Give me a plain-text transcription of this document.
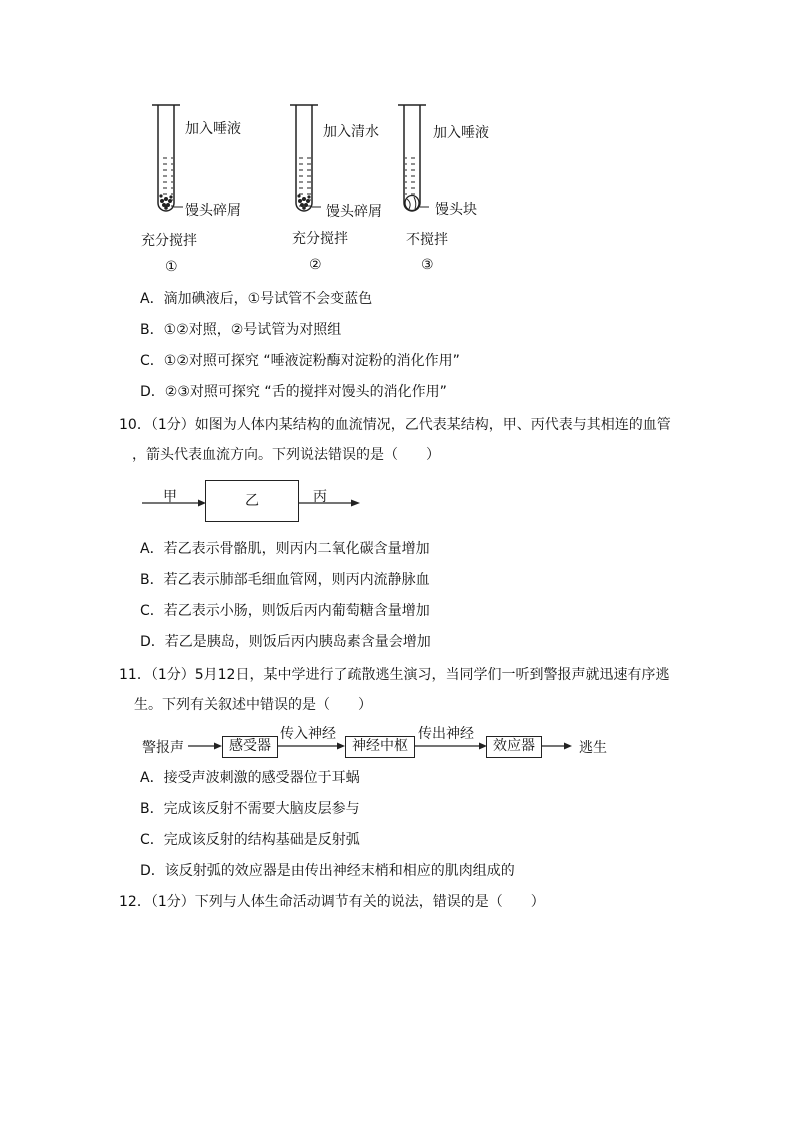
加入唾液
馒头碎屑
充分搅拌
①
加入清水
馒头碎屑
充分搅拌
②
加入唾液
馒头块
不搅拌
③
A．滴加碘液后，①号试管不会变蓝色
B．①②对照，②号试管为对照组
C．①②对照可探究 “唾液淀粉酶对淀粉的消化作用”
D．②③对照可探究 “舌的搅拌对馒头的消化作用”
10．（1分）如图为人体内某结构的血流情况，乙代表某结构，甲、丙代表与其相连的血管
，箭头代表血流方向。下列说法错误的是（　　）
甲	乙	丙
A．若乙表示骨骼肌，则丙内二氧化碳含量增加
B．若乙表示肺部毛细血管网，则丙内流静脉血
C．若乙表示小肠，则饭后丙内葡萄糖含量增加
D．若乙是胰岛，则饭后丙内胰岛素含量会增加
11．（1分）5月12日，某中学进行了疏散逃生演习，当同学们一听到警报声就迅速有序逃
生。下列有关叙述中错误的是（　　）
警报声	感受器
传入神经
神经中枢
传出神经
效应器	逃生
A．接受声波刺激的感受器位于耳蜗
B．完成该反射不需要大脑皮层参与
C．完成该反射的结构基础是反射弧
D．该反射弧的效应器是由传出神经末梢和相应的肌肉组成的
12．（1分）下列与人体生命活动调节有关的说法，错误的是（　　）
